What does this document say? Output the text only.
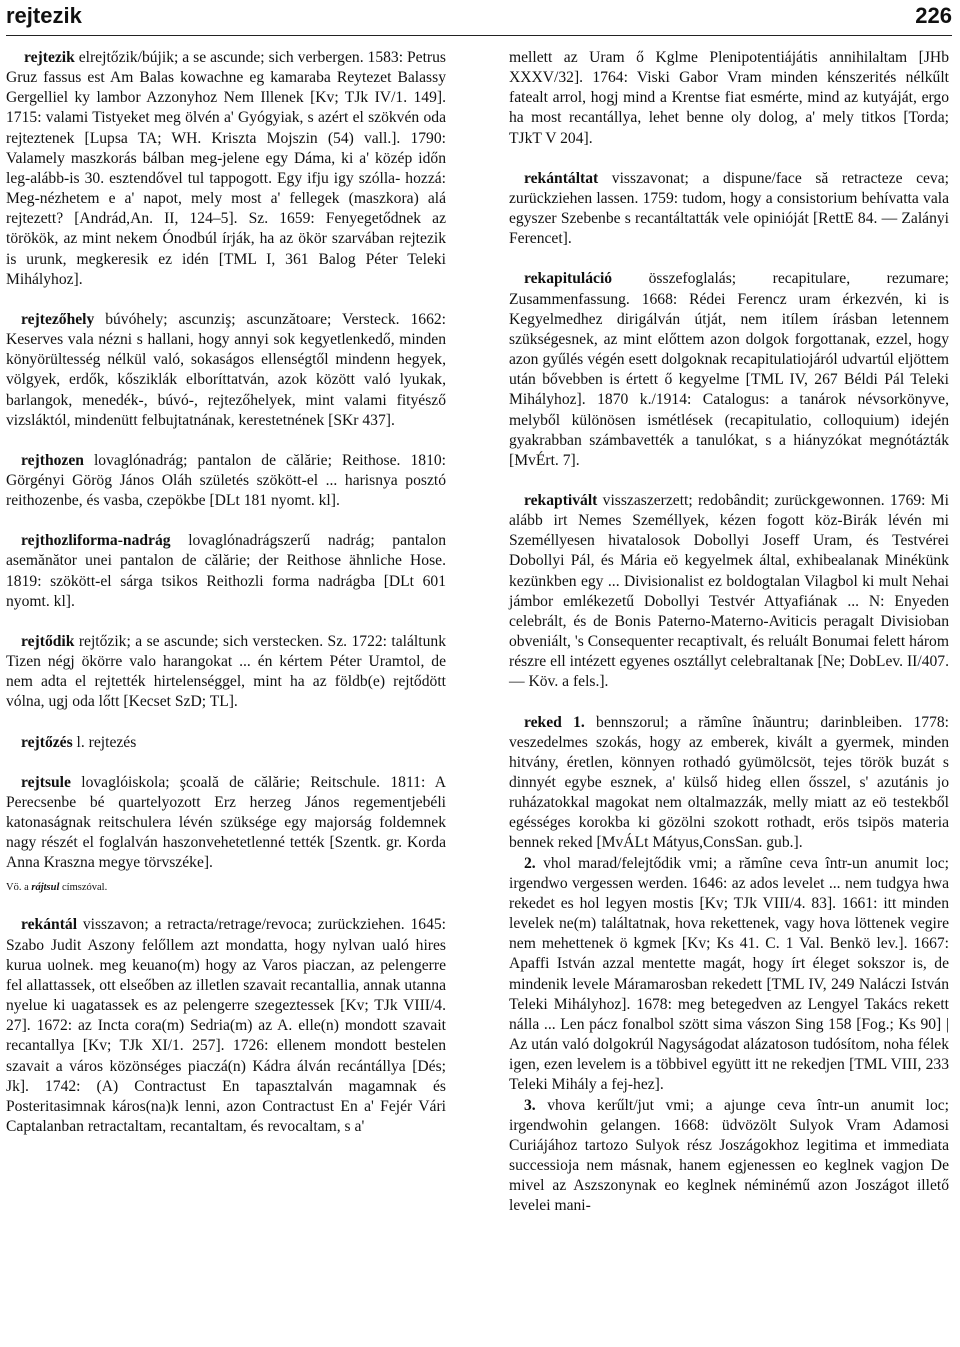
rejtezik	226

rejtezik elrejtőzik/bújik; a se ascunde; sich verbergen. 1583: Petrus Gruz fassus est Am Balas kowachne eg kamaraba Reytezet Balassy Gergelliel ky lambor Azzonyhoz Nem Illenek [Kv; TJk IV/1. 149]. 1715: valami Tistyeket meg ölvén a' Gyógyiak, s azért el szökvén oda rejteztenek [Lupsa TA; WH. Kriszta Mojszin (54) vall.]. 1790: Valamely maszkorás bálban meg-jelene egy Dáma, ki a' közép időn leg-alább-is 30. esztendővel tul tappogott. Egy ifju igy szólla- hozzá: Meg-nézhetem e a' napot, mely most a' fellegek (maszkora) alá rejtezett? [Andrád,An. II, 124–5]. Sz. 1659: Fenyegetődnek az törökök, az mint nekem Ónodbúl írják, ha az ökör szarvában rejtezik is urunk, megkeresik ez idén [TML I, 361 Balog Péter Teleki Mihályhoz].

rejtezőhely búvóhely; ascunziş; ascunzătoare; Versteck. 1662: Keserves vala nézni s hallani, hogy annyi sok kegyetlenkedő, minden könyörültesség nélkül való, sokaságos ellenségtől mindenn hegyek, völgyek, erdők, kősziklák elboríttatván, azok között való lyukak, barlangok, menedék-, búvó-, rejtezőhelyek, mint valami fityésző vizsláktól, mindenütt felbujtatnának, kerestetnének [SKr 437].

rejthozen lovaglónadrág; pantalon de călărie; Reithose. 1810: Görgényi Görög János Oláh születés szökött-el ... harisnya posztó reithozenbe, és vasba, czepökbe [DLt 181 nyomt. kl].

rejthozliforma-nadrág lovaglónadrágszerű nadrág; pantalon asemănător unei pantalon de călărie; der Reithose ähnliche Hose. 1819: szökött-el sárga tsikos Reithozli forma nadrágba [DLt 601 nyomt. kl].

rejtődik rejtőzik; a se ascunde; sich verstecken. Sz. 1722: találtunk Tizen négj ökörre valo harangokat ... én kértem Péter Uramtol, de nem adta el rejtették hirtelenséggel, mint ha az földb(e) rejtődött vólna, ugj oda lőtt [Kecset SzD; TL].

rejtőzés l. rejtezés

rejtsule lovaglóiskola; şcoală de călărie; Reitschule. 1811: A Perecsenbe bé quartelyozott Erz herzeg János regementjebéli katonaságnak reitschulera lévén szüksége egy majorság foldemnek nagy részét el foglalván haszonvehetetlenné tették [Szentk. gr. Korda Anna Kraszna megye törvszéke].

Vö. a rájtsul címszóval.

rekántál visszavon; a retracta/retrage/revoca; zurückziehen. 1645: Szabo Judit Aszony felőllem azt mondatta, hogy nylvan ualó hires kurua uolnek. meg keuano(m) hogy az Varos piaczan, az pelengerre fel allattassek, ott elseőben az illetlen szavait recantallia, annak utanna nyelue ki uagatassek es az pelengerre szegeztessek [Kv; TJk VIII/4. 27]. 1672: az Incta cora(m) Sedria(m) az A. elle(n) mondott szavait recantallya [Kv; TJk XI/1. 257]. 1726: ellenem mondott bestelen szavait a város közönséges piaczá(n) Kádra álván recántállya [Dés; Jk]. 1742: (A) Contractust En tapasztalván magamnak és Posteritasimnak káros(na)k lenni, azon Contractust En a' Fejér Vári Captalanban retractaltam, recantaltam, és revocaltam, s a'

mellett az Uram ő Kglme Plenipotentiájátis annihilaltam [JHb XXXV/32]. 1764: Viski Gabor Vram minden kénszerités nélkűlt fatealt arrol, hogj mind a Krentse fiat esmérte, mind az kutyáját, ergo ha most recantállya, lehet benne oly dolog, a' mely titkos [Torda; TJkT V 204].

rekántáltat visszavonat; a dispune/face să retracteze ceva; zurückziehen lassen. 1759: tudom, hogy a consistorium behívatta vala egyszer Szebenbe s recantáltatták vele opinióját [RettE 84. — Zalányi Ferencet].

rekapituláció összefoglalás; recapitulare, rezumare; Zusammenfassung. 1668: Rédei Ferencz uram érkezvén, ki is Kegyelmedhez dirigálván útját, nem itílem írásban letennem szükségesnek, az mint előttem azon dolgok forgottanak, ezzel, hogy azon gyűlés végén esett dolgoknak recapitulatiojáról udvartúl eljöttem után bővebben is értett ő kegyelme [TML IV, 267 Béldi Pál Teleki Mihályhoz]. 1870 k./1914: Catalogus: a tanárok névsorkönyve, melyből különösen ismétlések (recapitulatio, colloquium) idején gyakrabban számbavették a tanulókat, s a hiányzókat megnótázták [MvÉrt. 7].

rekaptivált visszaszerzett; redobândit; zurückgewonnen. 1769: Mi alább irt Nemes Személlyek, kézen fogott köz-Birák lévén mi Személlyesen hivatalosok Dobollyi Joseff Uram, és Testvérei Dobollyi Pál, és Mária eö kegyelmek által, exhibealanak Minékünk kezünkben egy ... Divisionalist ez boldogtalan Vilagbol ki mult Nehai jámbor emlékezetű Dobollyi Testvér Attyafiának ... N: Enyeden celebrált, és de Bonis Paterno-Materno-Aviticis peragalt Divisioban obveniált, 's Consequenter recaptivalt, és reluált Bonumai felett három részre ell intézett egyenes osztállyt celebraltanak [Ne; DobLev. II/407. — Köv. a fels.].

reked 1. bennszorul; a rămîne înăuntru; darinbleiben. 1778: veszedelmes szokás, hogy az emberek, kivált a gyermek, minden hitvány, éretlen, könnyen rothadó gyümölcsöt, tejes török buzát s dinnyét egybe esznek, a' külső hideg ellen ősszel, s' azutánis jo ruházatokkal magokat nem oltalmazzák, melly miatt az eö testekből egésséges korokba ki gözölni szokott rothadt, erös tsipös materia bennek reked [MvÁLt Mátyus,ConsSan. gub.].

2. vhol marad/felejtődik vmi; a rămîne ceva într-un anumit loc; irgendwo vergessen werden. 1646: az ados levelet ... nem tudgya hwa rekedet es hol legyen mostis [Kv; TJk VIII/4. 83]. 1661: itt minden levelek ne(m) találtatnak, hova rekettenek, vagy hova löttenek vegire nem mehettenek ö kgmek [Kv; Ks 41. C. 1 Val. Benkö lev.]. 1667: Apaffi István azzal mentette magát, hogy írt éleget sokszor is, de mindenik levele Máramarosban rekedett [TML IV, 249 Naláczi István Teleki Mihályhoz]. 1678: meg betegedven az Lengyel Takács rekett nálla ... Len pácz fonalbol szött sima vászon Sing 158 [Fog.; Ks 90] | Az után való dolgokrúl Nagyságodat alázatoson tudósítom, noha félek igen, ezen levelem is a többivel együtt itt ne rekedjen [TML VIII, 233 Teleki Mihály a fej-hez].

3. vhova kerűlt/jut vmi; a ajunge ceva într-un anumit loc; irgendwohin gelangen. 1668: üdvözölt Sulyok Vram Adamosi Curiájához tartozo Sulyok rész Joszágokhoz legitima et immediata successioja nem másnak, hanem egjenessen eo keglnek vagjon De mivel az Aszszonynak eo keglnek néminémű azon Joszágot illető levelei mani-
